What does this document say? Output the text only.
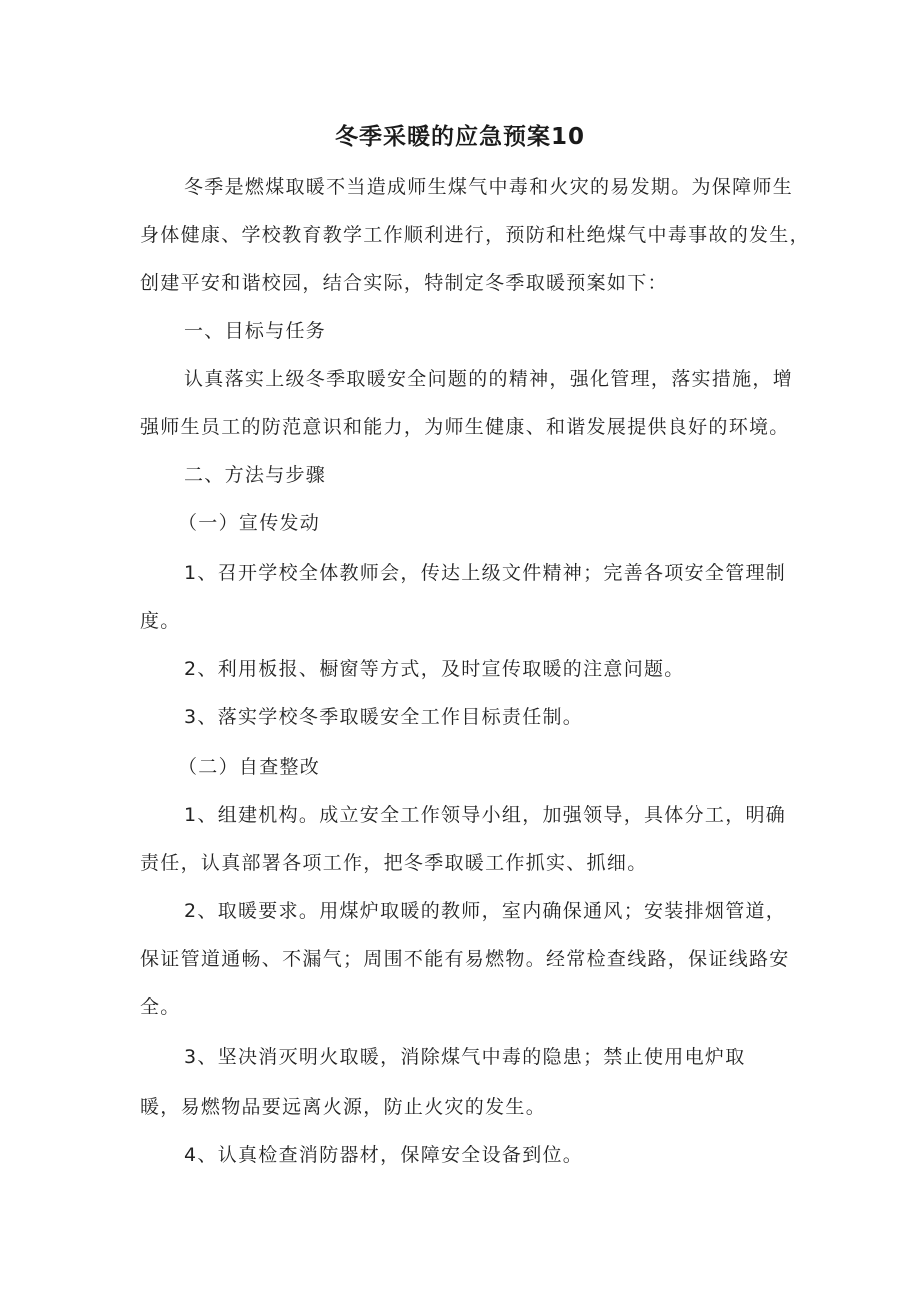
冬季采暖的应急预案10
冬季是燃煤取暖不当造成师生煤气中毒和火灾的易发期。为保障师生
身体健康、学校教育教学工作顺利进行，预防和杜绝煤气中毒事故的发生，
创建平安和谐校园，结合实际，特制定冬季取暖预案如下：
一、目标与任务
认真落实上级冬季取暖安全问题的的精神，强化管理，落实措施，增
强师生员工的防范意识和能力，为师生健康、和谐发展提供良好的环境。
二、方法与步骤
（一）宣传发动
1、召开学校全体教师会，传达上级文件精神；完善各项安全管理制
度。
2、利用板报、橱窗等方式，及时宣传取暖的注意问题。
3、落实学校冬季取暖安全工作目标责任制。
（二）自查整改
1、组建机构。成立安全工作领导小组，加强领导，具体分工，明确
责任，认真部署各项工作，把冬季取暖工作抓实、抓细。
2、取暖要求。用煤炉取暖的教师，室内确保通风；安装排烟管道，
保证管道通畅、不漏气；周围不能有易燃物。经常检查线路，保证线路安
全。
3、坚决消灭明火取暖，消除煤气中毒的隐患；禁止使用电炉取
暖，易燃物品要远离火源，防止火灾的发生。
4、认真检查消防器材，保障安全设备到位。
